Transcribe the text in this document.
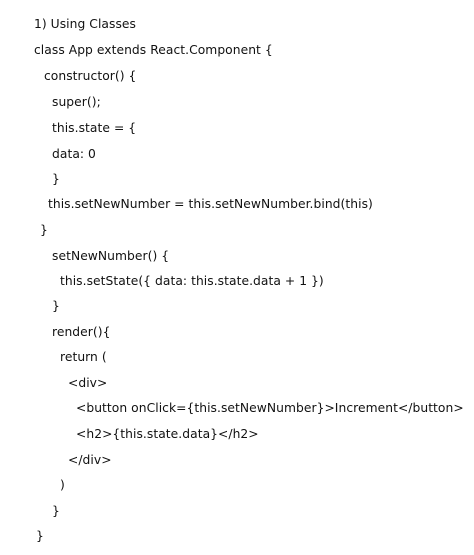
1) Using Classes
class App extends React.Component {
constructor() {
super();
this.state = {
data: 0
}
this.setNewNumber = this.setNewNumber.bind(this)
}
setNewNumber() {
this.setState({ data: this.state.data + 1 })
}
render(){
return (
<div>
<button onClick={this.setNewNumber}>Increment</button>
<h2>{this.state.data}</h2>
</div>
)
}
}
